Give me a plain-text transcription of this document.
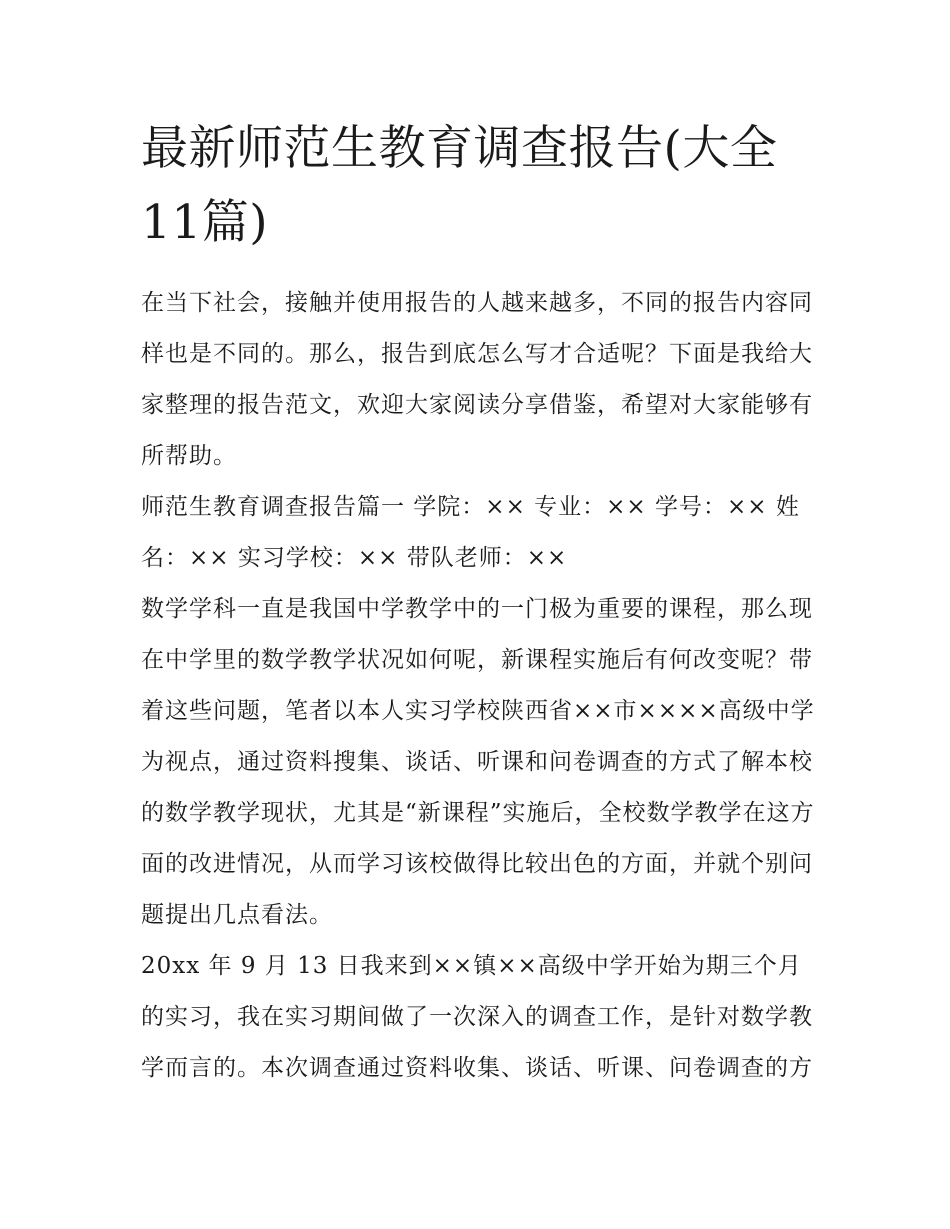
最新师范生教育调查报告(大全11篇)

在当下社会，接触并使用报告的人越来越多，不同的报告内容同样也是不同的。那么，报告到底怎么写才合适呢？下面是我给大家整理的报告范文，欢迎大家阅读分享借鉴，希望对大家能够有所帮助。

师范生教育调查报告篇一 学院：×× 专业：×× 学号：×× 姓名：×× 实习学校：×× 带队老师：××

数学学科一直是我国中学教学中的一门极为重要的课程，那么现在中学里的数学教学状况如何呢，新课程实施后有何改变呢？带着这些问题，笔者以本人实习学校陕西省××市××××高级中学为视点，通过资料搜集、谈话、听课和问卷调查的方式了解本校的数学教学现状，尤其是“新课程”实施后，全校数学教学在这方面的改进情况，从而学习该校做得比较出色的方面，并就个别问题提出几点看法。

20xx 年 9 月 13 日我来到××镇××高级中学开始为期三个月的实习，我在实习期间做了一次深入的调查工作，是针对数学教学而言的。本次调查通过资料收集、谈话、听课、问卷调查的方
